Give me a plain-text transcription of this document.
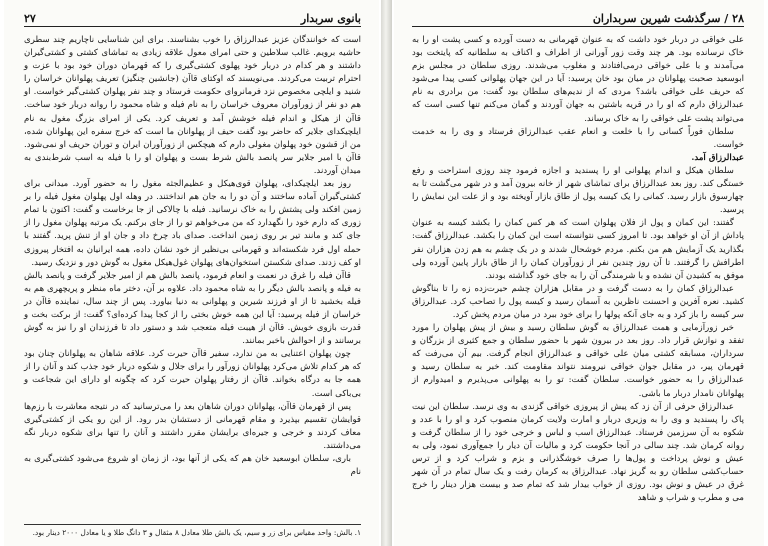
بانوی سربدار
۲۷

است که خوانندگان عزیز عبدالرزاق را خوب بشناسند. برای این شناسایی ناچاریم چند سطری حاشیه برویم. غالب سلاطین و حتی امرای معول علاقه زیادی به تماشای کشتی و کشتی‌گیران داشتند و هر کدام در دربار خود پهلوی کشتی‌گیری را که قهرمان دوران خود بود با عزت و احترام تربیت می‌کردند. می‌نویسند که اوکتای قاآن (جانشین چنگیز) تعریف پهلوانان خراسان را شنید و ایلچی مخصوص نزد فرمانروای حکومت فرستاد و چند نفر پهلوان کشتی‌گیر خواست. او هم دو نفر از زورآوران معروف خراسان را به نام فیله و شاه محمود را روانه دربار خود ساخت. قاآن از هیکل و اندام فیله خوشش آمد و تعریف کرد. یکی از امرای بزرگ مغول به نام ایلچیکدای جلایر که حاضر بود گفت حیف از پهلوانان ما است که خرج سفره این پهلوانان شده، من از قشون خود پهلوان مغولی دارم که هیچکس از زورآوران ایران و توران حریف او نمی‌شود. قاآن با امیر جلایر سر پانصد بالش شرط بست و پهلوان او را با فیله به اسب شرط‌بندی به میدان آوردند.

روز بعد ایلچیکدای، پهلوان قوی‌هیکل و عظیم‌الجثه مغول را به حضور آورد. میدانی برای کشتی‌گیران آماده ساختند و آن دو را به جان هم انداختند. در وهله اول پهلوان مغول فیله را بر زمین افکند ولی پشتش را به خاک نرسانید. فیله با چالاکی از جا برخاست و گفت: اکنون با تمام زوری که دارم خود را نگهدارد که من می‌خواهم تو را از جای برکنم. یک مرتبه پهلوان مغول را از جای کند و مانند تیر بر روی زمین انداخت. صدای باد چرخ داد و جان او از تنش پرید. گفتند با حمله اول فرد شکسته‌اند و قهرمانی بی‌نظیر از خود نشان داده، همه ایرانیان به افتخار پیروزی او کف زدند. صدای شکستن استخوان‌های پهلوان غول‌هیکل مغول به گوش دور و نزدیک رسید.

قاآن فیله را غرق در نعمت و انعام فرمود، پانصد بالش هم از امیر جلایر گرفت و پانصد بالش به فیله و پانصد بالش دیگر را به شاه محمود داد. علاوه بر آن، دختر ماه منظر و پریچهری هم به فیله بخشید تا از او فرزند شیرین و پهلوانی به دنیا بیاورد. پس از چند سال، نماینده قاآن در خراسان از فیله پرسید: آیا این همه خوش بختی را از کجا پیدا کرده‌ای؟ گفت: از برکت بخت و قدرت بازوی خویش. قاآن از هیبت فیله متعجب شد و دستور داد تا فرزندان او را نیز به گوش برسانند و از احوالش باخبر بمانند.

چون پهلوان اعتنایی به من ندارد، سفیر قاآن حیرت کرد. علاقه شاهان به پهلوانان چنان بود که هر کدام تلاش می‌کرد پهلوانان زورآور را برای جلال و شکوه دربار خود جذب کند و آنان را از همه جا به درگاه بخواند. قاآن از رفتار پهلوان حیرت کرد که چگونه او دارای این شجاعت و بی‌باکی است.

پس از قهرمان قاآن، پهلوانان دوران شاهان بعد را می‌ترسانید که در نتیجه معاشرت با رزم‌ها قوایشان تقسیم بپذیرد و مقام قهرمانی از دستشان بدر رود. از این رو یکی از کشتی‌گیری معاف کردند و خرجی و جیره‌ای برایشان مقرر داشتند و آنان را تنها برای شکوه دربار نگه می‌داشتند.

باری، سلطان ابوسعید خان هم که یکی از آنها بود، از زمان او شروع می‌شود کشتی‌گیری به نام

۱. بالش: واحد مقیاس برای زر و سیم، یک بالش طلا معادل ۸ مثقال و ۳ دانگ طلا و یا معادل ۲۰۰۰ دینار بود.
۲۸ / سرگذشت شیرین سربداران

علی خواقی در دربار خود داشت که به عنوان قهرمانی به دست آورده و کسی پشت او را به خاک نرسانده بود. هر چند وقت زور آورانی از اطراف و اکناف به سلطانیه که پایتخت بود می‌آمدند و با علی خواقی درمی‌افتادند و مغلوب می‌شدند. روزی سلطان در مجلس بزم ابوسعید صحبت پهلوانان در میان بود خان پرسید: آیا در این جهان پهلوانی کسی پیدا می‌شود که حریف علی خواقی باشد؟ مردی که از ندیم‌های سلطان بود گفت: من برادری به نام عبدالرزاق دارم که او را در قریه باشتین به جهان آوردند و گمان می‌کنم تنها کسی است که می‌تواند پشت علی خواقی را به خاک برساند.

سلطان فوراً کسانی را با خلعت و انعام عقب عبدالرزاق فرستاد و وی را به خدمت خواست.

عبدالرزاق آمد.

سلطان هیکل و اندام پهلوانی او را پسندید و اجازه فرمود چند روزی استراحت و رفع خستگی کند. روز بعد عبدالرزاق برای تماشای شهر از خانه بیرون آمد و در شهر می‌گشت تا به چهارسوق بازار رسید. کمانی را یک کیسه پول از طاق بازار آویخته بود و از علت این نمایش را پرسید.

گفتند: این کمان و پول از فلان پهلوان است که هر کس کمان را بکشد کیسه به عنوان پاداش از آن او خواهد بود. تا امروز کسی نتوانسته است این کمان را بکشد. عبدالرزاق گفت: بگذارید یک آزمایش هم من بکنم. مردم خوشحال شدند و در یک چشم به هم زدن هزاران نفر اطرافش را گرفتند. تا آن روز چندین نفر از زورآوران کمان را از طاق بازار پایین آورده ولی موفق به کشیدن آن نشده و با شرمندگی آن را به جای خود گذاشته بودند.

عبدالرزاق کمان را به دست گرفت و در مقابل هزاران چشم حیرت‌زده زه را تا بناگوش کشید. نعره آفرین و احسنت ناظرین به آسمان رسید و کیسه پول را تصاحب کرد. عبدالرزاق سر کیسه را باز کرد و به جای آنکه پولها را برای خود ببرد در میان مردم پخش کرد.

خبر زورآزمایی و همت عبدالرزاق به گوش سلطان رسید و بیش از پیش پهلوان را مورد تفقد و نوازش قرار داد. روز بعد در بیرون شهر با حضور سلطان و جمع کثیری از بزرگان و سرداران، مسابقه کشتی میان علی خواقی و عبدالرزاق انجام گرفت. بیم آن می‌رفت که قهرمان پیر، در مقابل جوان خواقی نیرومند نتواند مقاومت کند. خبر به سلطان رسید و عبدالرزاق را به حضور خواست. سلطان گفت: تو را به پهلوانی می‌پذیرم و امیدوارم از پهلوانان نامدار دربار ما باشی.

عبدالرزاق حرفی از آن زد که پیش از پیروزی خواقی گزندی به وی نرسد. سلطان این نیت پاک را پسندید و وی را به وزیری دربار و امارت ولایت کرمان منصوب کرد و او را با عدد و شکوه به آن سرزمین فرستاد. عبدالرزاق اسب و لباس و خرجی خود را از سلطان گرفت و روانه کرمان شد. چند سالی در آنجا حکومت کرد و مالیات آن دیار را جمع‌آوری نمود، ولی به عیش و نوش پرداخت و پول‌ها را صرف خوشگذرانی و بزم و شراب کرد و از ترس حساب‌کشی سلطان رو به گریز نهاد. عبدالرزاق به کرمان رفت و یک سال تمام در آن شهر غرق در عیش و نوش بود. روزی از خواب بیدار شد که تمام صد و بیست هزار دینار را خرج می و مطرب و شراب و شاهد
